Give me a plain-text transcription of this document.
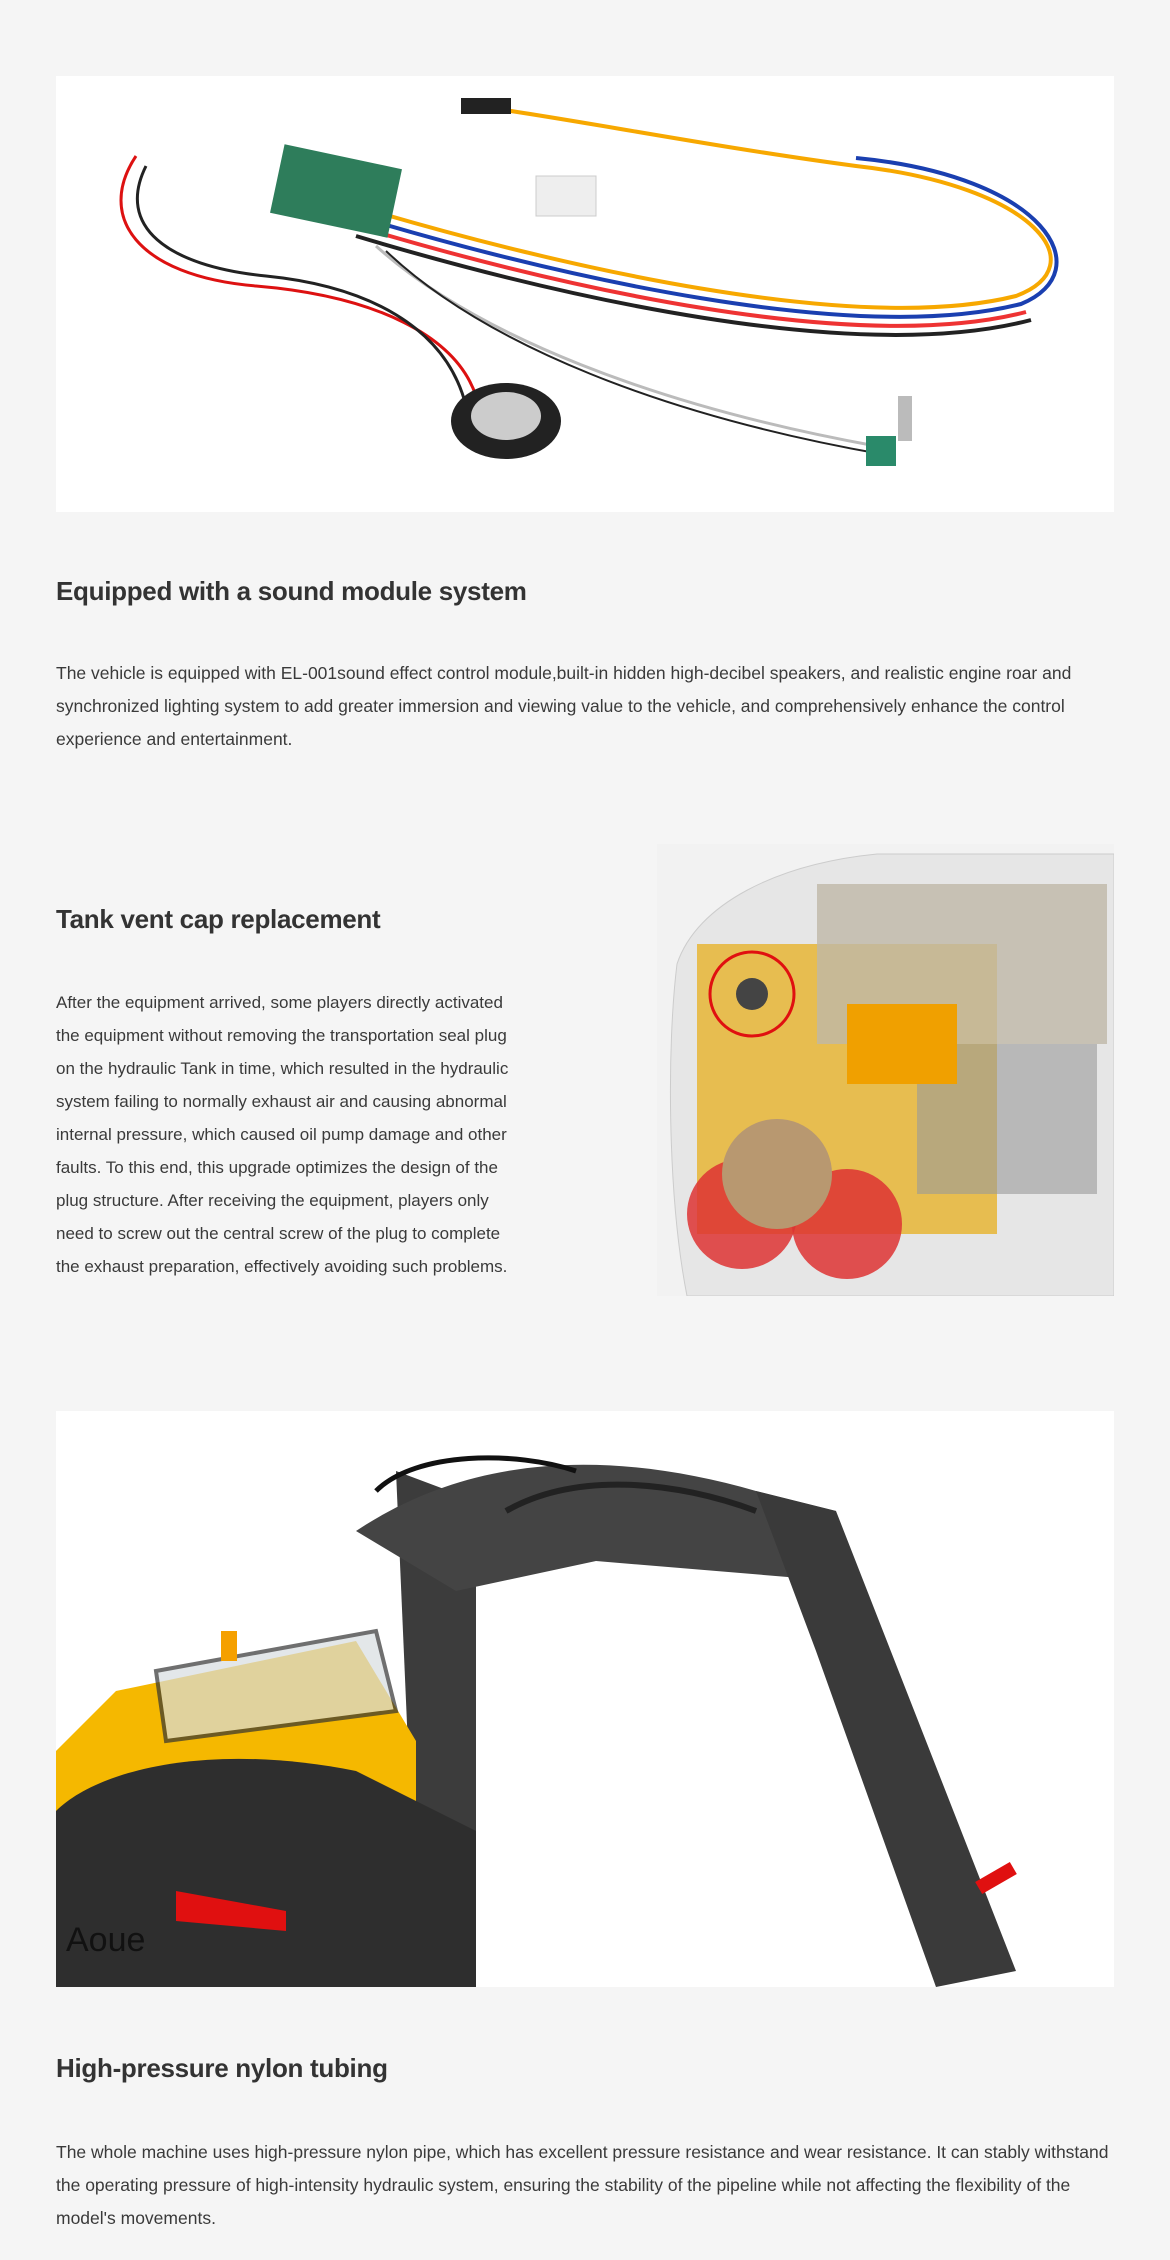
Equipped with a sound module system

The vehicle is equipped with EL-001sound effect control module,built-in hidden high-decibel speakers, and realistic engine roar and synchronized lighting system to add greater immersion and viewing value to the vehicle, and comprehensively enhance the control experience and entertainment.

Tank vent cap replacement

After the equipment arrived, some players directly activated the equipment without removing the transportation seal plug on the hydraulic Tank in time, which resulted in the hydraulic system failing to normally exhaust air and causing abnormal internal pressure, which caused oil pump damage and other faults. To this end, this upgrade optimizes the design of the plug structure. After receiving the equipment, players only need to screw out the central screw of the plug to complete the exhaust preparation, effectively avoiding such problems.

Aoue
High-pressure nylon tubing

The whole machine uses high-pressure nylon pipe, which has excellent pressure resistance and wear resistance. It can stably withstand the operating pressure of high-intensity hydraulic system, ensuring the stability of the pipeline while not affecting the flexibility of the model's movements.
